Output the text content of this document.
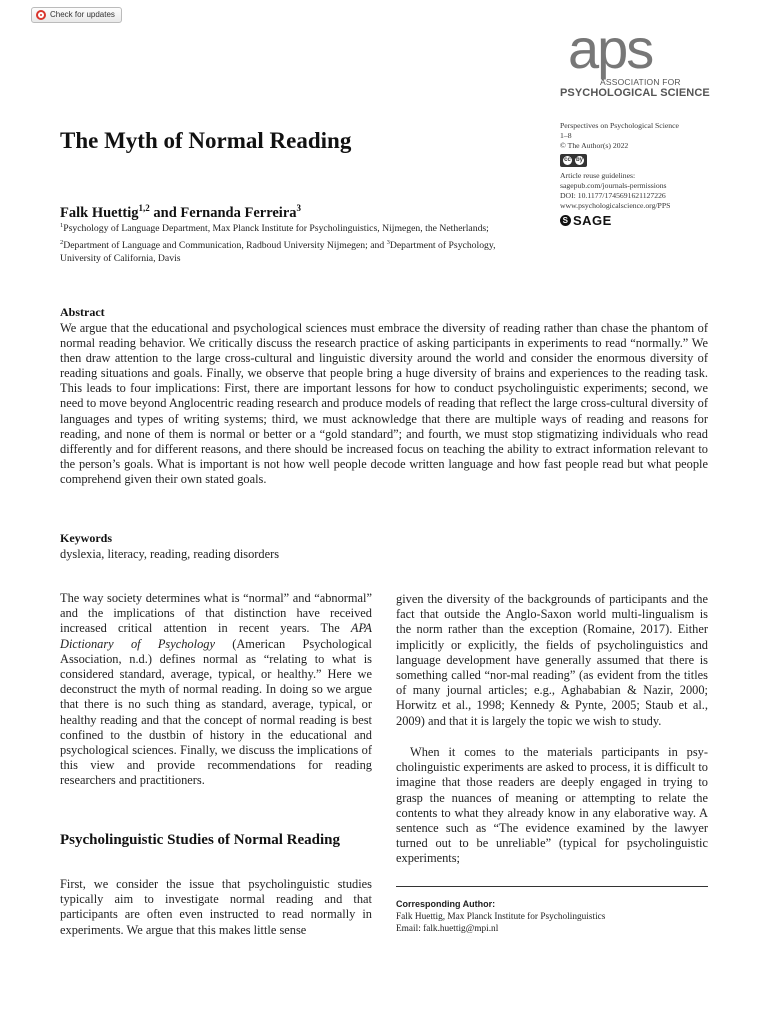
Check for updates
aps
ASSOCIATION FOR
PSYCHOLOGICAL SCIENCE
The Myth of Normal Reading
Perspectives on Psychological Science
1–8
© The Author(s) 2022
cc by
Article reuse guidelines:
sagepub.com/journals-permissions
DOI: 10.1177/1745691621127226
www.psychologicalscience.org/PPS
S SAGE
Falk Huettig$^{1,2}$ and Fernanda Ferreira$^3$
$^1$Psychology of Language Department, Max Planck Institute for Psycholinguistics, Nijmegen, the Netherlands; $^2$Department of Language and Communication, Radboud University Nijmegen; and $^3$Department of Psychology, University of California, Davis
Abstract
We argue that the educational and psychological sciences must embrace the diversity of reading rather than chase the phantom of normal reading behavior. We critically discuss the research practice of asking participants in experiments to read “normally.” We then draw attention to the large cross-cultural and linguistic diversity around the world and consider the enormous diversity of reading situations and goals. Finally, we observe that people bring a huge diversity of brains and experiences to the reading task. This leads to four implications: First, there are important lessons for how to conduct psycholinguistic experiments; second, we need to move beyond Anglocentric reading research and produce models of reading that reflect the large cross-cultural diversity of languages and types of writing systems; third, we must acknowledge that there are multiple ways of reading and reasons for reading, and none of them is normal or better or a “gold standard”; and fourth, we must stop stigmatizing individuals who read differently and for different reasons, and there should be increased focus on teaching the ability to extract information relevant to the person’s goals. What is important is not how well people decode written language and how fast people read but what people comprehend given their own stated goals.
Keywords
dyslexia, literacy, reading, reading disorders
The way society determines what is “normal” and “abnormal” and the implications of that distinction have received increased critical attention in recent years. The APA Dictionary of Psychology (American Psychological Association, n.d.) defines normal as “relating to what is considered standard, average, typical, or healthy.” Here we deconstruct the myth of normal reading. In doing so we argue that there is no such thing as standard, average, typical, or healthy reading and that the concept of normal reading is best confined to the dustbin of history in the educational and psychological sciences. Finally, we discuss the implications of this view and provide recommendations for reading researchers and practitioners.
Psycholinguistic Studies of Normal Reading
First, we consider the issue that psycholinguistic studies typically aim to investigate normal reading and that participants are often even instructed to read normally in experiments. We argue that this makes little sense
given the diversity of the backgrounds of participants and the fact that outside the Anglo-Saxon world multi-lingualism is the norm rather than the exception (Romaine, 2017). Either implicitly or explicitly, the fields of psycholinguistics and language development have generally assumed that there is something called “nor-mal reading” (as evident from the titles of many journal articles; e.g., Aghababian & Nazir, 2000; Horwitz et al., 1998; Kennedy & Pynte, 2005; Staub et al., 2009) and that it is largely the topic we wish to study.
When it comes to the materials participants in psy-cholinguistic experiments are asked to process, it is difficult to imagine that those readers are deeply engaged in trying to grasp the nuances of meaning or attempting to relate the contents to what they already know in any elaborative way. A sentence such as “The evidence examined by the lawyer turned out to be unreliable” (typical for psycholinguistic experiments;
Corresponding Author:
Falk Huettig, Max Planck Institute for Psycholinguistics
Email: falk.huettig@mpi.nl
